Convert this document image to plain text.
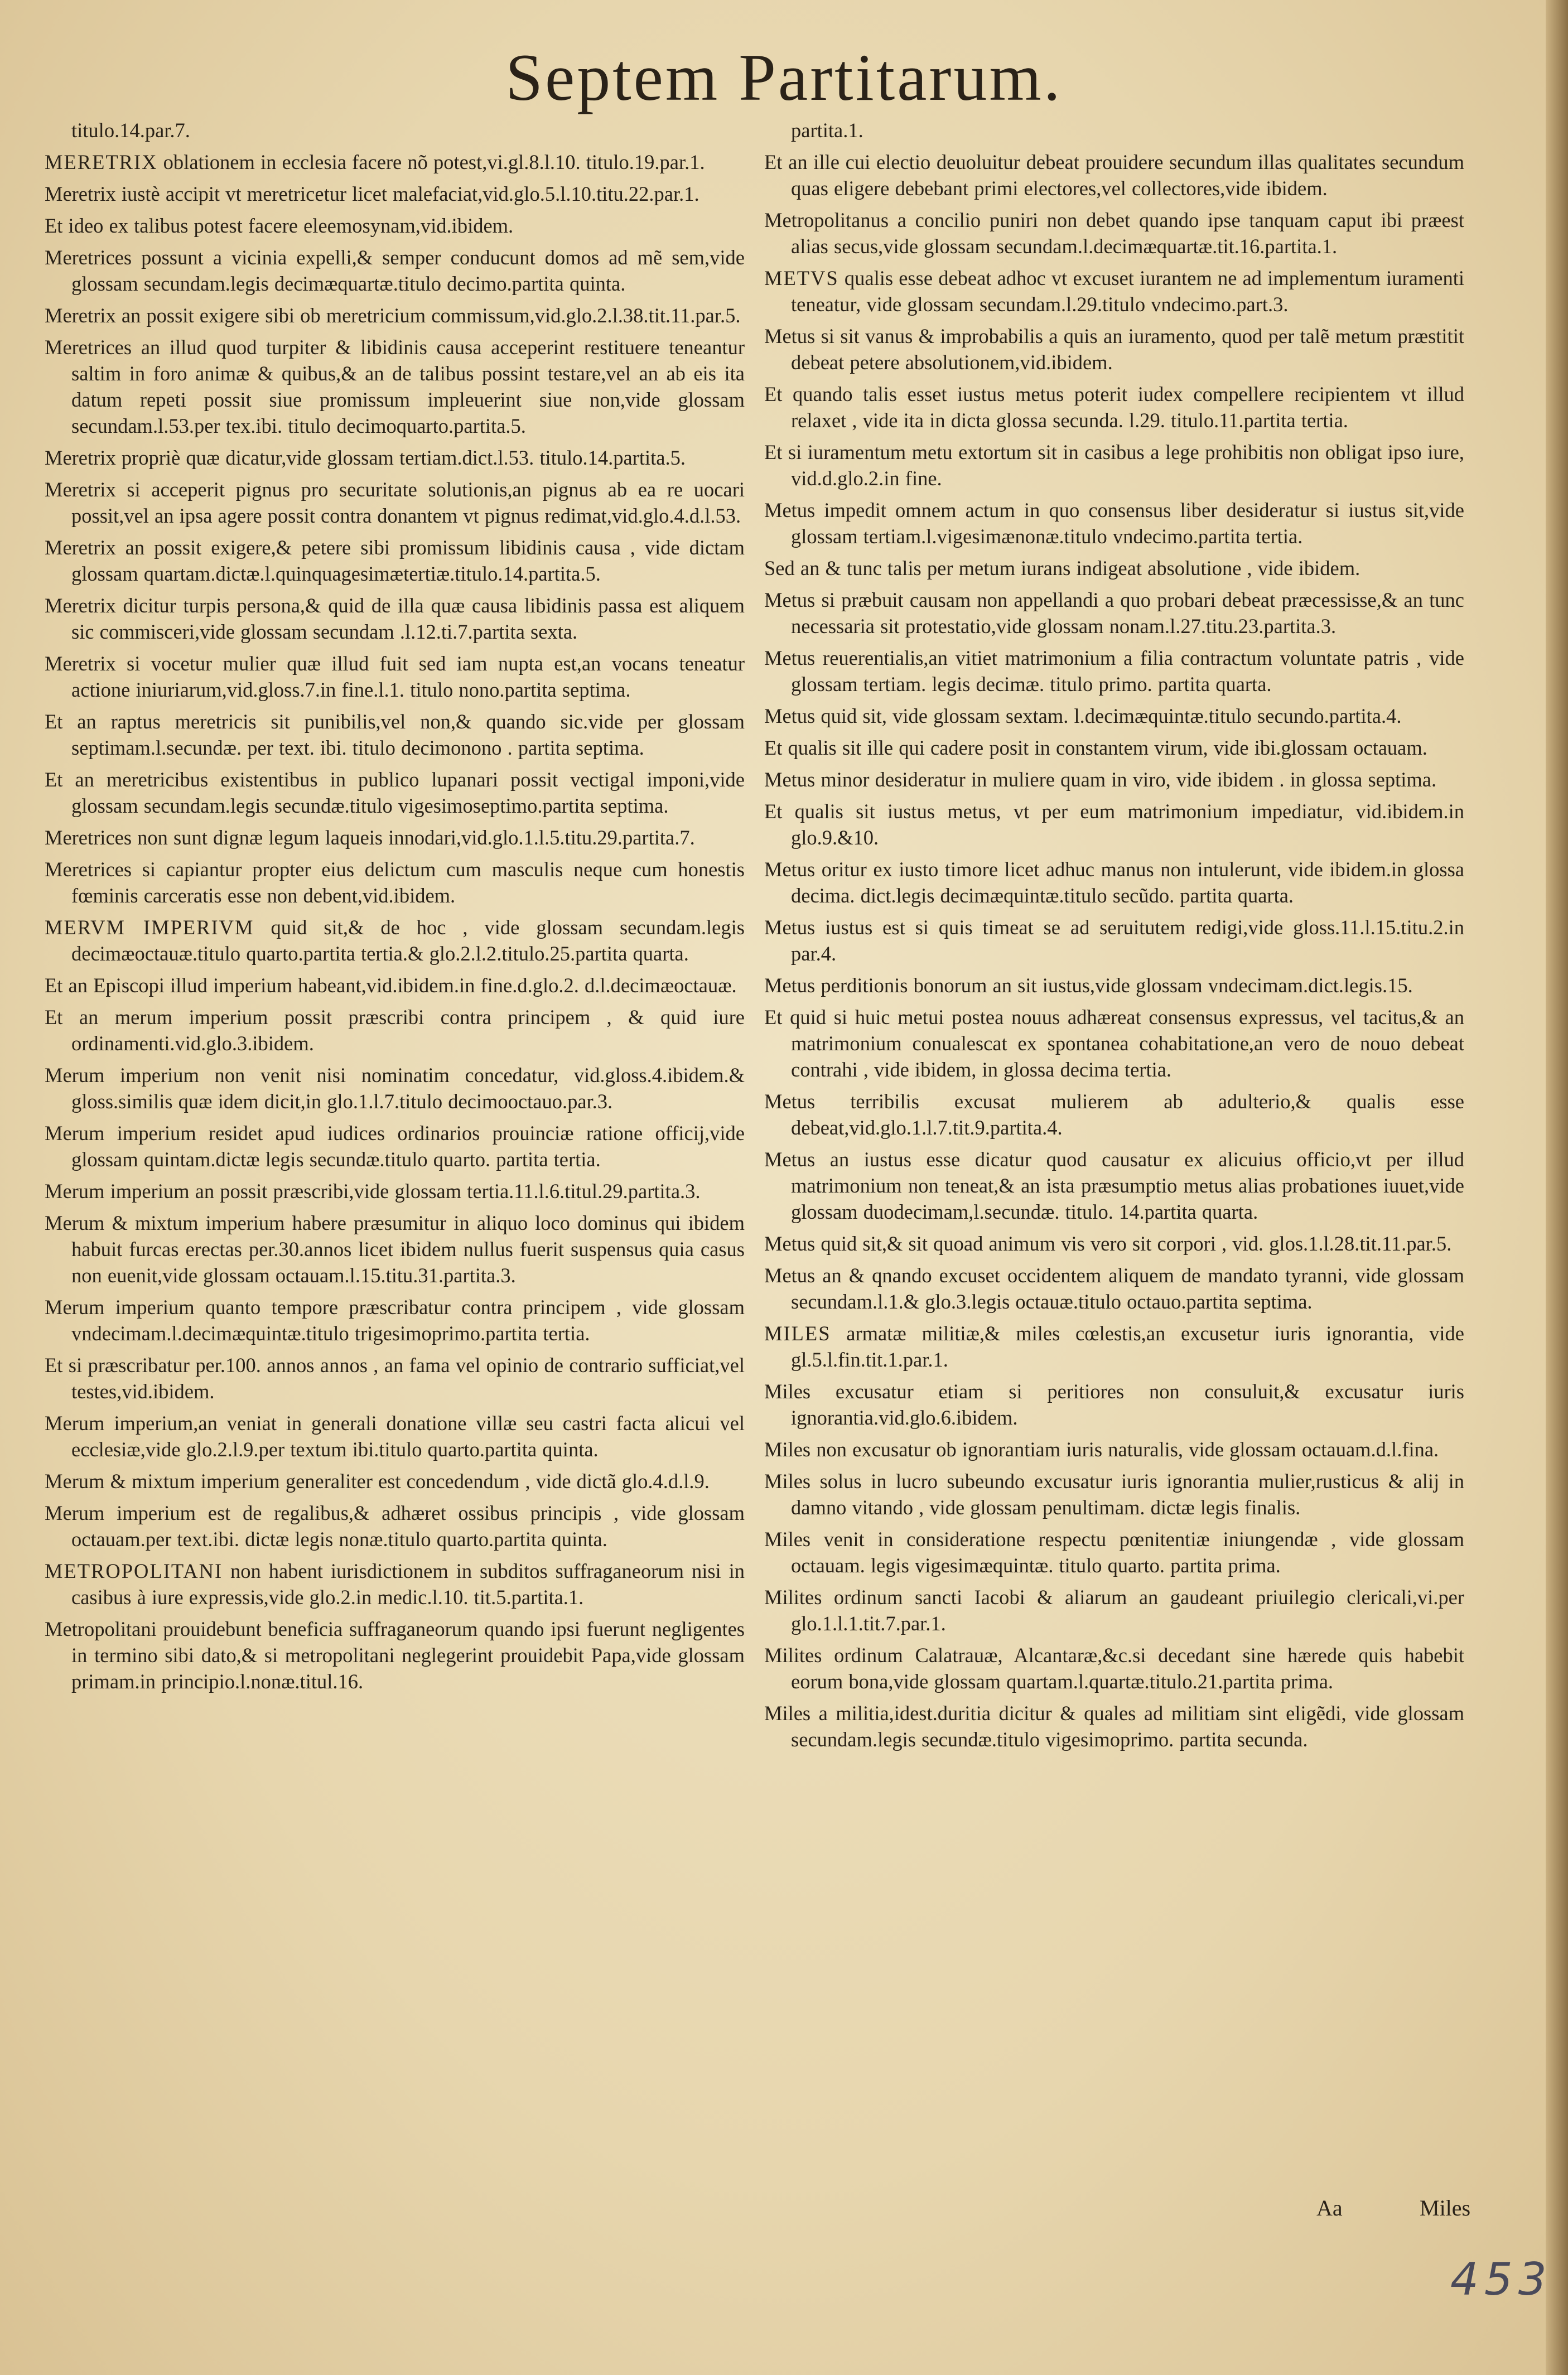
Septem Partitarum.
titulo.14.par.7.
MERETRIX oblationem in ecclesia facere nõ potest,vi.gl.8.l.10. titulo.19.par.1.
Meretrix iustè accipit vt meretricetur licet malefaciat,vid.glo.5.l.10.titu.22.par.1.
Et ideo ex talibus potest facere eleemosynam,vid.ibidem.
Meretrices possunt a vicinia expelli,& semper conducunt domos ad mẽ sem,vide glossam secundam.legis decimæquartæ.titulo decimo.partita quinta.
Meretrix an possit exigere sibi ob meretricium commissum,vid.glo.2.l.38.tit.11.par.5.
Meretrices an illud quod turpiter & libidinis causa acceperint restituere teneantur saltim in foro animæ & quibus,& an de talibus possint testare,vel an ab eis ita datum repeti possit siue promissum impleuerint siue non,vide glossam secundam.l.53.per tex.ibi. titulo decimoquarto.partita.5.
Meretrix propriè quæ dicatur,vide glossam tertiam.dict.l.53. titulo.14.partita.5.
Meretrix si acceperit pignus pro securitate solutionis,an pignus ab ea re uocari possit,vel an ipsa agere possit contra donantem vt pignus redimat,vid.glo.4.d.l.53.
Meretrix an possit exigere,& petere sibi promissum libidinis causa , vide dictam glossam quartam.dictæ.l.quinquagesimætertiæ.titulo.14.partita.5.
Meretrix dicitur turpis persona,& quid de illa quæ causa libidinis passa est aliquem sic commisceri,vide glossam secundam .l.12.ti.7.partita sexta.
Meretrix si vocetur mulier quæ illud fuit sed iam nupta est,an vocans teneatur actione iniuriarum,vid.gloss.7.in fine.l.1. titulo nono.partita septima.
Et an raptus meretricis sit punibilis,vel non,& quando sic.vide per glossam septimam.l.secundæ. per text. ibi. titulo decimonono . partita septima.
Et an meretricibus existentibus in publico lupanari possit vectigal imponi,vide glossam secundam.legis secundæ.titulo vigesimoseptimo.partita septima.
Meretrices non sunt dignæ legum laqueis innodari,vid.glo.1.l.5.titu.29.partita.7.
Meretrices si capiantur propter eius delictum cum masculis neque cum honestis fœminis carceratis esse non debent,vid.ibidem.
MERVM IMPERIVM quid sit,& de hoc , vide glossam secundam.legis decimæoctauæ.titulo quarto.partita tertia.& glo.2.l.2.titulo.25.partita quarta.
Et an Episcopi illud imperium habeant,vid.ibidem.in fine.d.glo.2. d.l.decimæoctauæ.
Et an merum imperium possit præscribi contra principem , & quid iure ordinamenti.vid.glo.3.ibidem.
Merum imperium non venit nisi nominatim concedatur, vid.gloss.4.ibidem.& gloss.similis quæ idem dicit,in glo.1.l.7.titulo decimooctauo.par.3.
Merum imperium residet apud iudices ordinarios prouinciæ ratione officij,vide glossam quintam.dictæ legis secundæ.titulo quarto. partita tertia.
Merum imperium an possit præscribi,vide glossam tertia.11.l.6.titul.29.partita.3.
Merum & mixtum imperium habere præsumitur in aliquo loco dominus qui ibidem habuit furcas erectas per.30.annos licet ibidem nullus fuerit suspensus quia casus non euenit,vide glossam octauam.l.15.titu.31.partita.3.
Merum imperium quanto tempore præscribatur contra principem , vide glossam vndecimam.l.decimæquintæ.titulo trigesimoprimo.partita tertia.
Et si præscribatur per.100. annos annos , an fama vel opinio de contrario sufficiat,vel testes,vid.ibidem.
Merum imperium,an veniat in generali donatione villæ seu castri facta alicui vel ecclesiæ,vide glo.2.l.9.per textum ibi.titulo quarto.partita quinta.
Merum & mixtum imperium generaliter est concedendum , vide dictã glo.4.d.l.9.
Merum imperium est de regalibus,& adhæret ossibus principis , vide glossam octauam.per text.ibi. dictæ legis nonæ.titulo quarto.partita quinta.
METROPOLITANI non habent iurisdictionem in subditos suffraganeorum nisi in casibus à iure expressis,vide glo.2.in medic.l.10. tit.5.partita.1.
Metropolitani prouidebunt beneficia suffraganeorum quando ipsi fuerunt negligentes in termino sibi dato,& si metropolitani neglegerint prouidebit Papa,vide glossam primam.in principio.l.nonæ.titul.16.
partita.1.
Et an ille cui electio deuoluitur debeat prouidere secundum illas qualitates secundum quas eligere debebant primi electores,vel collectores,vide ibidem.
Metropolitanus a concilio puniri non debet quando ipse tanquam caput ibi præest alias secus,vide glossam secundam.l.decimæquartæ.tit.16.partita.1.
METVS qualis esse debeat adhoc vt excuset iurantem ne ad implementum iuramenti teneatur, vide glossam secundam.l.29.titulo vndecimo.part.3.
Metus si sit vanus & improbabilis a quis an iuramento, quod per talẽ metum præstitit debeat petere absolutionem,vid.ibidem.
Et quando talis esset iustus metus poterit iudex compellere recipientem vt illud relaxet , vide ita in dicta glossa secunda. l.29. titulo.11.partita tertia.
Et si iuramentum metu extortum sit in casibus a lege prohibitis non obligat ipso iure, vid.d.glo.2.in fine.
Metus impedit omnem actum in quo consensus liber desideratur si iustus sit,vide glossam tertiam.l.vigesimænonæ.titulo vndecimo.partita tertia.
Sed an & tunc talis per metum iurans indigeat absolutione , vide ibidem.
Metus si præbuit causam non appellandi a quo probari debeat præcessisse,& an tunc necessaria sit protestatio,vide glossam nonam.l.27.titu.23.partita.3.
Metus reuerentialis,an vitiet matrimonium a filia contractum voluntate patris , vide glossam tertiam. legis decimæ. titulo primo. partita quarta.
Metus quid sit, vide glossam sextam. l.decimæquintæ.titulo secundo.partita.4.
Et qualis sit ille qui cadere posit in constantem virum, vide ibi.glossam octauam.
Metus minor desideratur in muliere quam in viro, vide ibidem . in glossa septima.
Et qualis sit iustus metus, vt per eum matrimonium impediatur, vid.ibidem.in glo.9.&10.
Metus oritur ex iusto timore licet adhuc manus non intulerunt, vide ibidem.in glossa decima. dict.legis decimæquintæ.titulo secũdo. partita quarta.
Metus iustus est si quis timeat se ad seruitutem redigi,vide gloss.11.l.15.titu.2.in par.4.
Metus perditionis bonorum an sit iustus,vide glossam vndecimam.dict.legis.15.
Et quid si huic metui postea nouus adhæreat consensus expressus, vel tacitus,& an matrimonium conualescat ex spontanea cohabitatione,an vero de nouo debeat contrahi , vide ibidem, in glossa decima tertia.
Metus terribilis excusat mulierem ab adulterio,& qualis esse debeat,vid.glo.1.l.7.tit.9.partita.4.
Metus an iustus esse dicatur quod causatur ex alicuius officio,vt per illud matrimonium non teneat,& an ista præsumptio metus alias probationes iuuet,vide glossam duodecimam,l.secundæ. titulo. 14.partita quarta.
Metus quid sit,& sit quoad animum vis vero sit corpori , vid. glos.1.l.28.tit.11.par.5.
Metus an & qnando excuset occidentem aliquem de mandato tyranni, vide glossam secundam.l.1.& glo.3.legis octauæ.titulo octauo.partita septima.
MILES armatæ militiæ,& miles cœlestis,an excusetur iuris ignorantia, vide gl.5.l.fin.tit.1.par.1.
Miles excusatur etiam si peritiores non consuluit,& excusatur iuris ignorantia.vid.glo.6.ibidem.
Miles non excusatur ob ignorantiam iuris naturalis, vide glossam octauam.d.l.fina.
Miles solus in lucro subeundo excusatur iuris ignorantia mulier,rusticus & alij in damno vitando , vide glossam penultimam. dictæ legis finalis.
Miles venit in consideratione respectu pœnitentiæ iniungendæ , vide glossam octauam. legis vigesimæquintæ. titulo quarto. partita prima.
Milites ordinum sancti Iacobi & aliarum an gaudeant priuilegio clericali,vi.per glo.1.l.1.tit.7.par.1.
Milites ordinum Calatrauæ, Alcantaræ,&c.si decedant sine hærede quis habebit eorum bona,vide glossam quartam.l.quartæ.titulo.21.partita prima.
Miles a militia,idest.duritia dicitur & quales ad militiam sint eligẽdi, vide glossam secundam.legis secundæ.titulo vigesimoprimo. partita secunda.
Aa	Miles
453
